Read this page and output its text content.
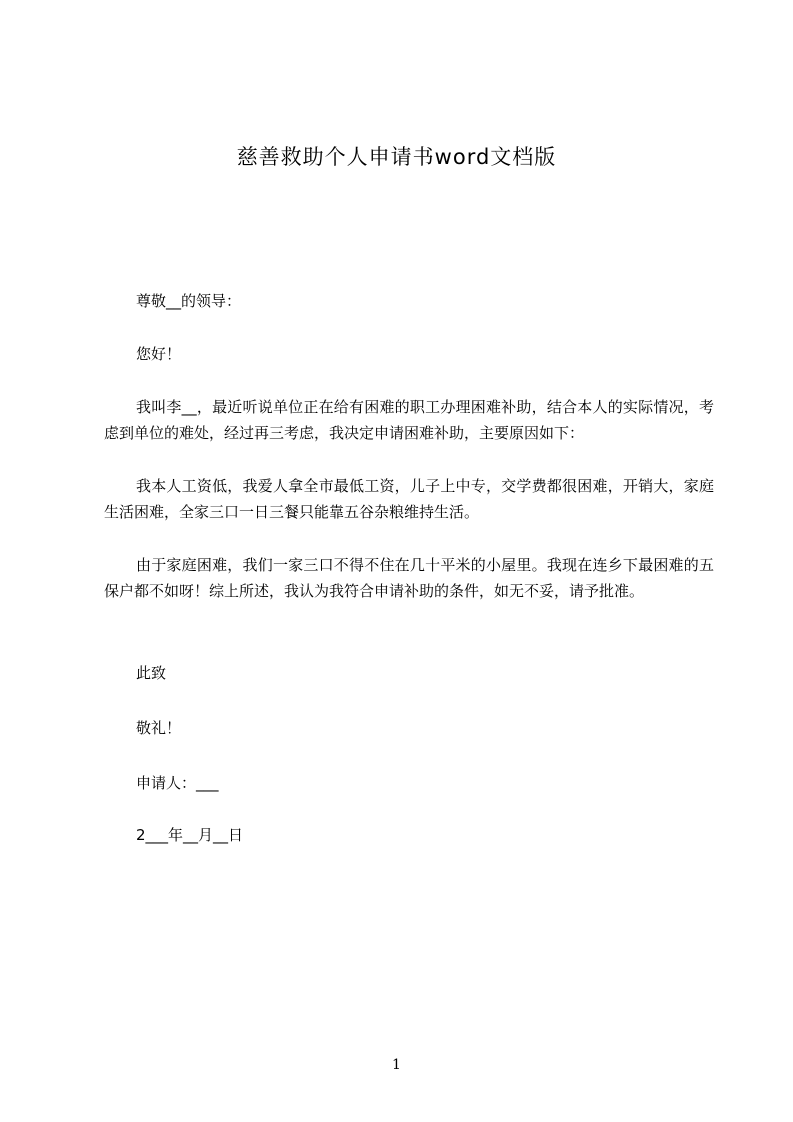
慈善救助个人申请书word文档版

尊敬__的领导：

您好！

我叫李__，最近听说单位正在给有困难的职工办理困难补助，结合本人的实际情况，考虑到单位的难处，经过再三考虑，我决定申请困难补助，主要原因如下：

我本人工资低，我爱人拿全市最低工资，儿子上中专，交学费都很困难，开销大，家庭生活困难，全家三口一日三餐只能靠五谷杂粮维持生活。

由于家庭困难，我们一家三口不得不住在几十平米的小屋里。我现在连乡下最困难的五保户都不如呀！综上所述，我认为我符合申请补助的条件，如无不妥，请予批准。

此致

敬礼！

申请人：___

2___年__月__日

1
